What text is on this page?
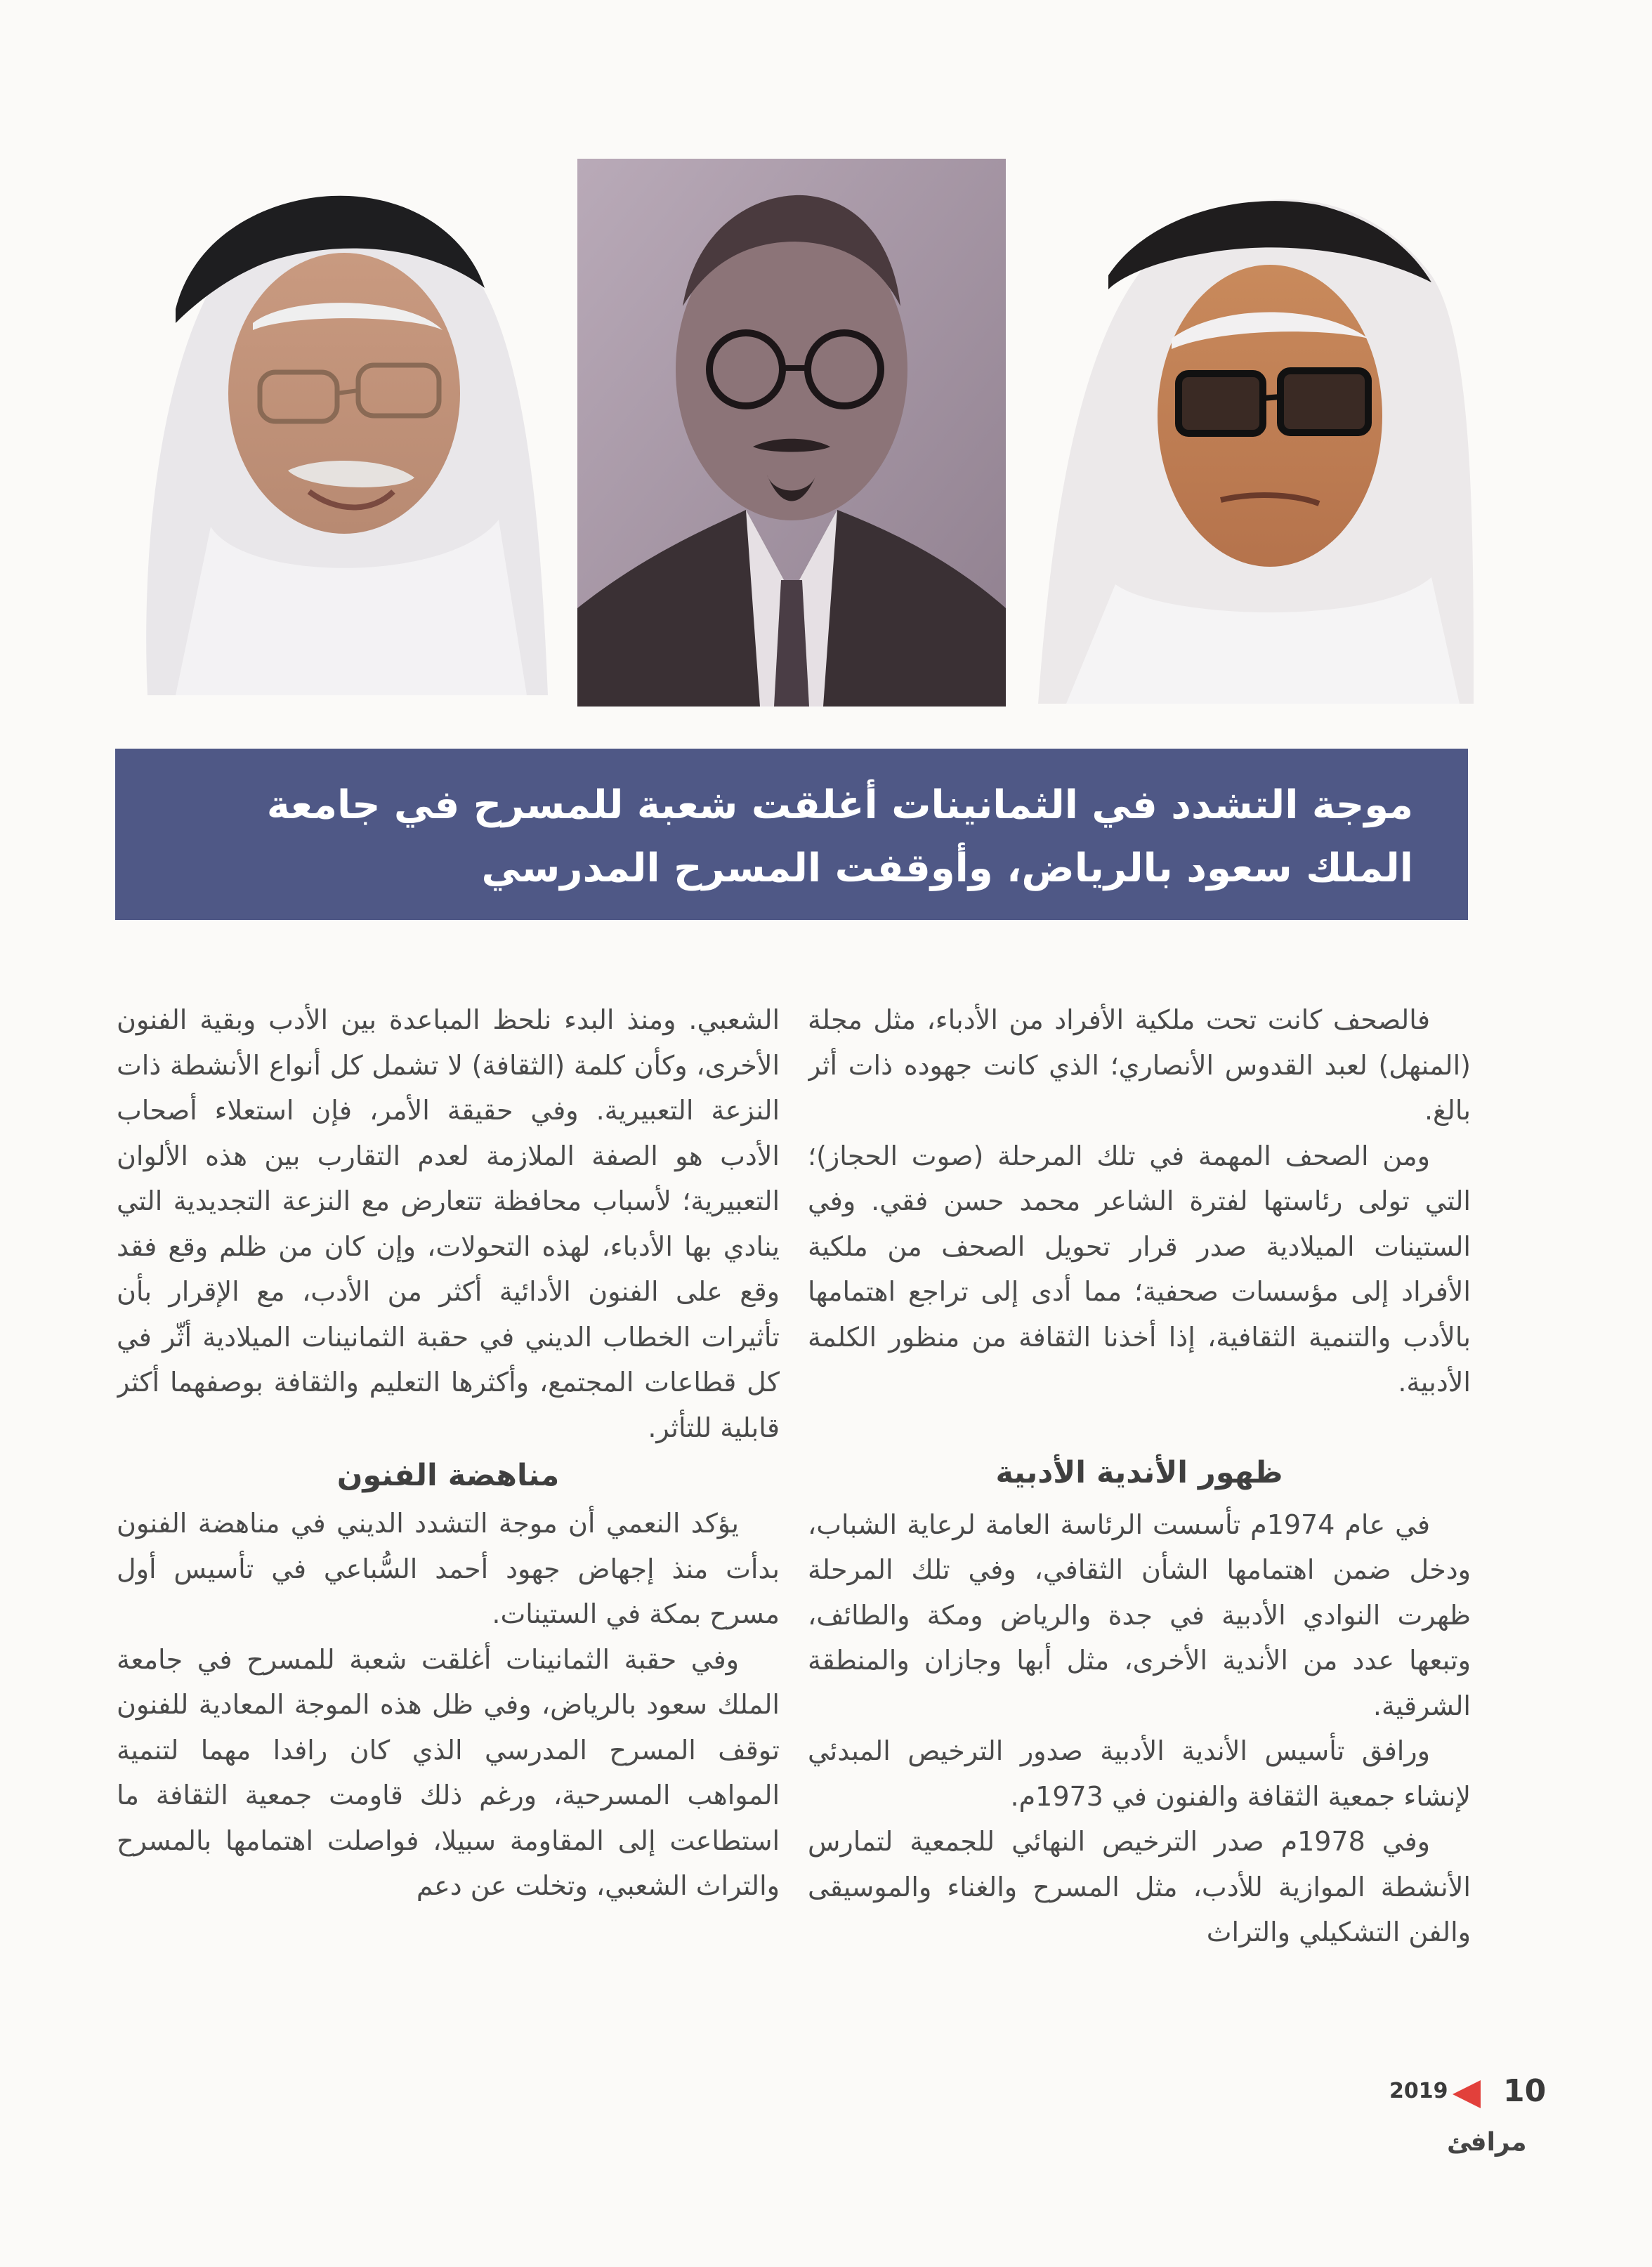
موجة التشدد في الثمانينات أغلقت شعبة للمسرح في جامعة الملك سعود بالرياض، وأوقفت المسرح المدرسي

فالصحف كانت تحت ملكية الأفراد من الأدباء، مثل مجلة (المنهل) لعبد القدوس الأنصاري؛ الذي كانت جهوده ذات أثر بالغ.

ومن الصحف المهمة في تلك المرحلة (صوت الحجاز)؛ التي تولى رئاستها لفترة الشاعر محمد حسن فقي. وفي الستينات الميلادية صدر قرار تحويل الصحف من ملكية الأفراد إلى مؤسسات صحفية؛ مما أدى إلى تراجع اهتمامها بالأدب والتنمية الثقافية، إذا أخذنا الثقافة من منظور الكلمة الأدبية.

ظهور الأندية الأدبية

في عام 1974م تأسست الرئاسة العامة لرعاية الشباب، ودخل ضمن اهتمامها الشأن الثقافي، وفي تلك المرحلة ظهرت النوادي الأدبية في جدة والرياض ومكة والطائف، وتبعها عدد من الأندية الأخرى، مثل أبها وجازان والمنطقة الشرقية.

ورافق تأسيس الأندية الأدبية صدور الترخيص المبدئي لإنشاء جمعية الثقافة والفنون في 1973م.

وفي 1978م صدر الترخيص النهائي للجمعية لتمارس الأنشطة الموازية للأدب، مثل المسرح والغناء والموسيقى والفن التشكيلي والتراث

الشعبي. ومنذ البدء نلحظ المباعدة بين الأدب وبقية الفنون الأخرى، وكأن كلمة (الثقافة) لا تشمل كل أنواع الأنشطة ذات النزعة التعبيرية. وفي حقيقة الأمر، فإن استعلاء أصحاب الأدب هو الصفة الملازمة لعدم التقارب بين هذه الألوان التعبيرية؛ لأسباب محافظة تتعارض مع النزعة التجديدية التي ينادي بها الأدباء، لهذه التحولات، وإن كان من ظلم وقع فقد وقع على الفنون الأدائية أكثر من الأدب، مع الإقرار بأن تأثيرات الخطاب الديني في حقبة الثمانينات الميلادية أثّر في كل قطاعات المجتمع، وأكثرها التعليم والثقافة بوصفهما أكثر قابلية للتأثر.

مناهضة الفنون

يؤكد النعمي أن موجة التشدد الديني في مناهضة الفنون بدأت منذ إجهاض جهود أحمد السُّباعي في تأسيس أول مسرح بمكة في الستينات.

وفي حقبة الثمانينات أغلقت شعبة للمسرح في جامعة الملك سعود بالرياض، وفي ظل هذه الموجة المعادية للفنون توقف المسرح المدرسي الذي كان رافدا مهما لتنمية المواهب المسرحية، ورغم ذلك قاومت جمعية الثقافة ما استطاعت إلى المقاومة سبيلا، فواصلت اهتمامها بالمسرح والتراث الشعبي، وتخلت عن دعم

10
2019
مرافئ
